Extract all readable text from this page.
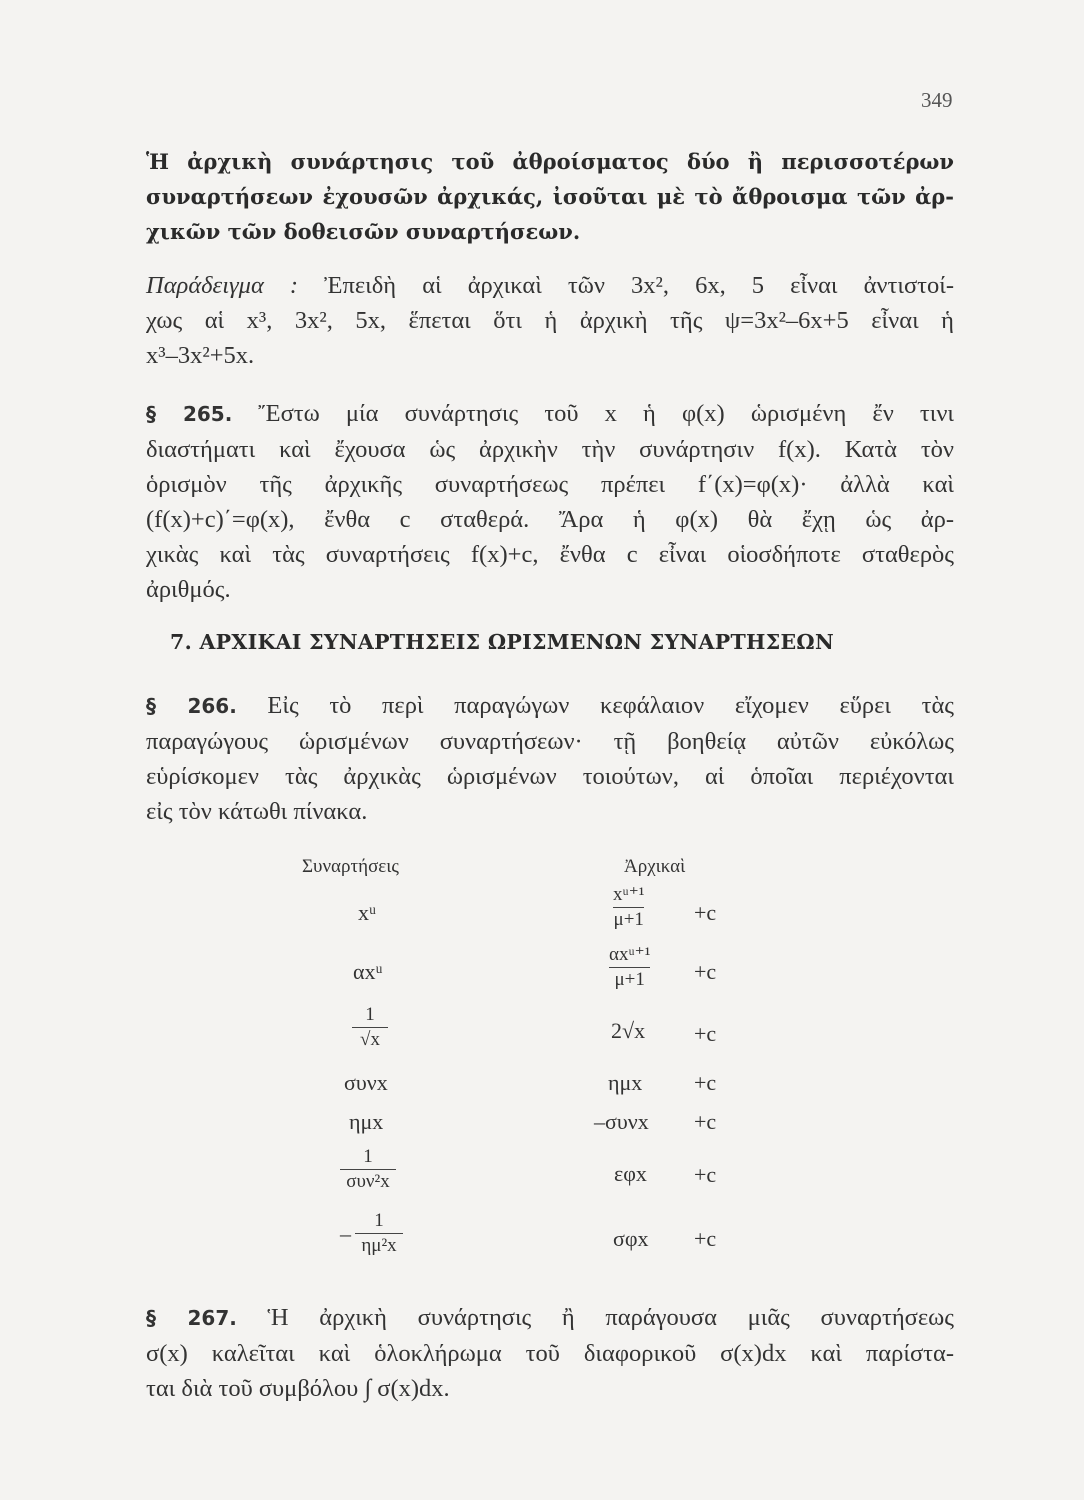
349
Ἡ ἀρχικὴ συνάρτησις τοῦ ἀθροίσματος δύο ἢ περισσοτέρων
συναρτήσεων ἐχουσῶν ἀρχικάς, ἰσοῦται μὲ τὸ ἄθροισμα τῶν ἀρ-
χικῶν τῶν δοθεισῶν συναρτήσεων.
Παράδειγμα : Ἐπειδὴ αἱ ἀρχικαὶ τῶν 3x², 6x, 5 εἶναι ἀντιστοί-
χως αἱ x³, 3x², 5x, ἕπεται ὅτι ἡ ἀρχικὴ τῆς ψ=3x²–6x+5 εἶναι ἡ
x³–3x²+5x.
§ 265. Ἔστω μία συνάρτησις τοῦ x ἡ φ(x) ὡρισμένη ἔν τινι
διαστήματι καὶ ἔχουσα ὡς ἀρχικὴν τὴν συνάρτησιν f(x). Κατὰ τὸν
ὁρισμὸν τῆς ἀρχικῆς συναρτήσεως πρέπει f΄(x)=φ(x)· ἀλλὰ καὶ
(f(x)+c)΄=φ(x), ἔνθα c σταθερά. Ἄρα ἡ φ(x) θὰ ἔχῃ ὡς ἀρ-
χικὰς καὶ τὰς συναρτήσεις f(x)+c, ἔνθα c εἶναι οἱοσδήποτε σταθερὸς
ἀριθμός.
7. ΑΡΧΙΚΑΙ ΣΥΝΑΡΤΗΣΕΙΣ ΩΡΙΣΜΕΝΩΝ ΣΥΝΑΡΤΗΣΕΩΝ
§ 266. Εἰς τὸ περὶ παραγώγων κεφάλαιον εἴχομεν εὕρει τὰς
παραγώγους ὡρισμένων συναρτήσεων· τῇ βοηθείᾳ αὐτῶν εὐκόλως
εὑρίσκομεν τὰς ἀρχικὰς ὡρισμένων τοιούτων, αἱ ὁποῖαι περιέχονται
εἰς τὸν κάτωθι πίνακα.
Συναρτήσεις	Ἀρχικαὶ
xᵘ	$\frac{\text{xᵘ⁺¹}}{\mu+1} +c$
αxᵘ	$\frac{\text{αxᵘ⁺¹}}{\mu+1} +c$
$\frac{1}{√x}$	2√x +c
συνx	ημx +c
ημx	–συνx +c
$\frac{1}{\text{συν²x}}$	εφx +c
– $\frac{1}{\text{ημ²x}}$	σφx +c
§ 267. Ἡ ἀρχικὴ συνάρτησις ἢ παράγουσα μιᾶς συναρτήσεως
σ(x) καλεῖται καὶ ὁλοκλήρωμα τοῦ διαφορικοῦ σ(x)dx καὶ παρίστα-
ται διὰ τοῦ συμβόλου ∫ σ(x)dx.
